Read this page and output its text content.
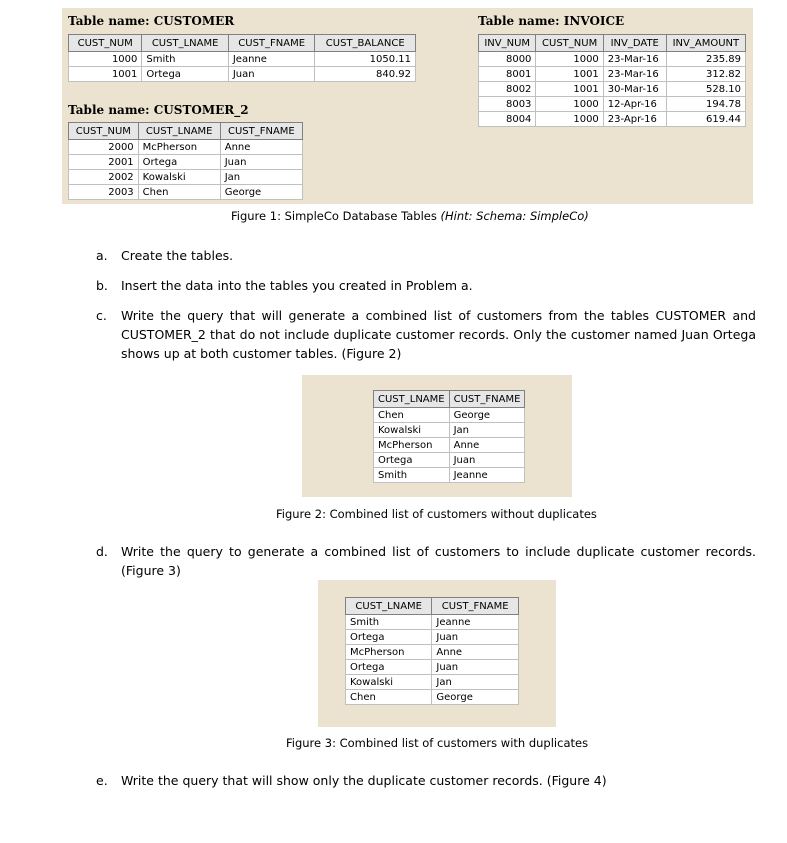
Table name: CUSTOMER
CUST_NUM	CUST_LNAME	CUST_FNAME	CUST_BALANCE
1000	Smith	Jeanne	1050.11
1001	Ortega	Juan	840.92
Table name: CUSTOMER_2
CUST_NUM	CUST_LNAME	CUST_FNAME
2000	McPherson	Anne
2001	Ortega	Juan
2002	Kowalski	Jan
2003	Chen	George
Table name: INVOICE
INV_NUM	CUST_NUM	INV_DATE	INV_AMOUNT
8000	1000	23-Mar-16	235.89
8001	1001	23-Mar-16	312.82
8002	1001	30-Mar-16	528.10
8003	1000	12-Apr-16	194.78
8004	1000	23-Apr-16	619.44
Figure 1: SimpleCo Database Tables (Hint: Schema: SimpleCo)
a. Create the tables.
b. Insert the data into the tables you created in Problem a.
c. Write the query that will generate a combined list of customers from the tables CUSTOMER and CUSTOMER_2 that do not include duplicate customer records. Only the customer named Juan Ortega shows up at both customer tables. (Figure 2)
CUST_LNAME	CUST_FNAME
Chen	George
Kowalski	Jan
McPherson	Anne
Ortega	Juan
Smith	Jeanne
Figure 2: Combined list of customers without duplicates
d. Write the query to generate a combined list of customers to include duplicate customer records. (Figure 3)
CUST_LNAME	CUST_FNAME
Smith	Jeanne
Ortega	Juan
McPherson	Anne
Ortega	Juan
Kowalski	Jan
Chen	George
Figure 3: Combined list of customers with duplicates
e. Write the query that will show only the duplicate customer records. (Figure 4)
